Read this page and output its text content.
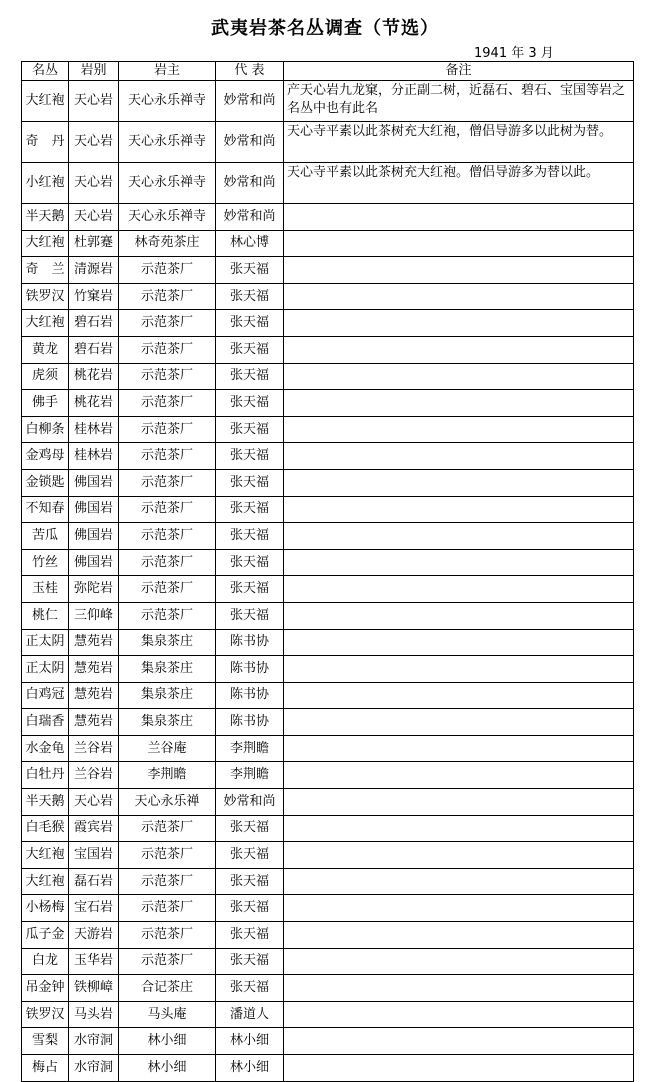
武夷岩茶名丛调查（节选）
1941 年 3 月
名丛	岩别	岩主	代 表	备注
大红袍	天心岩	天心永乐禅寺	妙常和尚	产天心岩九龙窠，分正副二树，近磊石、碧石、宝国等岩之名丛中也有此名
奇　丹	天心岩	天心永乐禅寺	妙常和尚	天心寺平素以此茶树充大红袍，僧侣导游多以此树为替。
小红袍	天心岩	天心永乐禅寺	妙常和尚	天心寺平素以此茶树充大红袍。僧侣导游多为替以此。
半天鹅	天心岩	天心永乐禅寺	妙常和尚	
大红袍	杜郭蹇	林奇苑茶庄	林心博	
奇　兰	清源岩	示范茶厂	张天福	
铁罗汉	竹窠岩	示范茶厂	张天福	
大红袍	碧石岩	示范茶厂	张天福	
黄龙	碧石岩	示范茶厂	张天福	
虎须	桃花岩	示范茶厂	张天福	
佛手	桃花岩	示范茶厂	张天福	
白柳条	桂林岩	示范茶厂	张天福	
金鸡母	桂林岩	示范茶厂	张天福	
金锁匙	佛国岩	示范茶厂	张天福	
不知春	佛国岩	示范茶厂	张天福	
苦瓜	佛国岩	示范茶厂	张天福	
竹丝	佛国岩	示范茶厂	张天福	
玉桂	弥陀岩	示范茶厂	张天福	
桃仁	三仰峰	示范茶厂	张天福	
正太阴	慧苑岩	集泉茶庄	陈书协	
正太阴	慧苑岩	集泉茶庄	陈书协	
白鸡冠	慧苑岩	集泉茶庄	陈书协	
白瑞香	慧苑岩	集泉茶庄	陈书协	
水金龟	兰谷岩	兰谷庵	李荆瞻	
白牡丹	兰谷岩	李荆瞻	李荆瞻	
半天鹅	天心岩	天心永乐禅	妙常和尚	
白毛猴	霞宾岩	示范茶厂	张天福	
大红袍	宝国岩	示范茶厂	张天福	
大红袍	磊石岩	示范茶厂	张天福	
小杨梅	宝石岩	示范茶厂	张天福	
瓜子金	天游岩	示范茶厂	张天福	
白龙	玉华岩	示范茶厂	张天福	
吊金钟	铁柳嶂	合记茶庄	张天福	
铁罗汉	马头岩	马头庵	潘道人	
雪梨	水帘洞	林小细	林小细	
梅占	水帘洞	林小细	林小细	
